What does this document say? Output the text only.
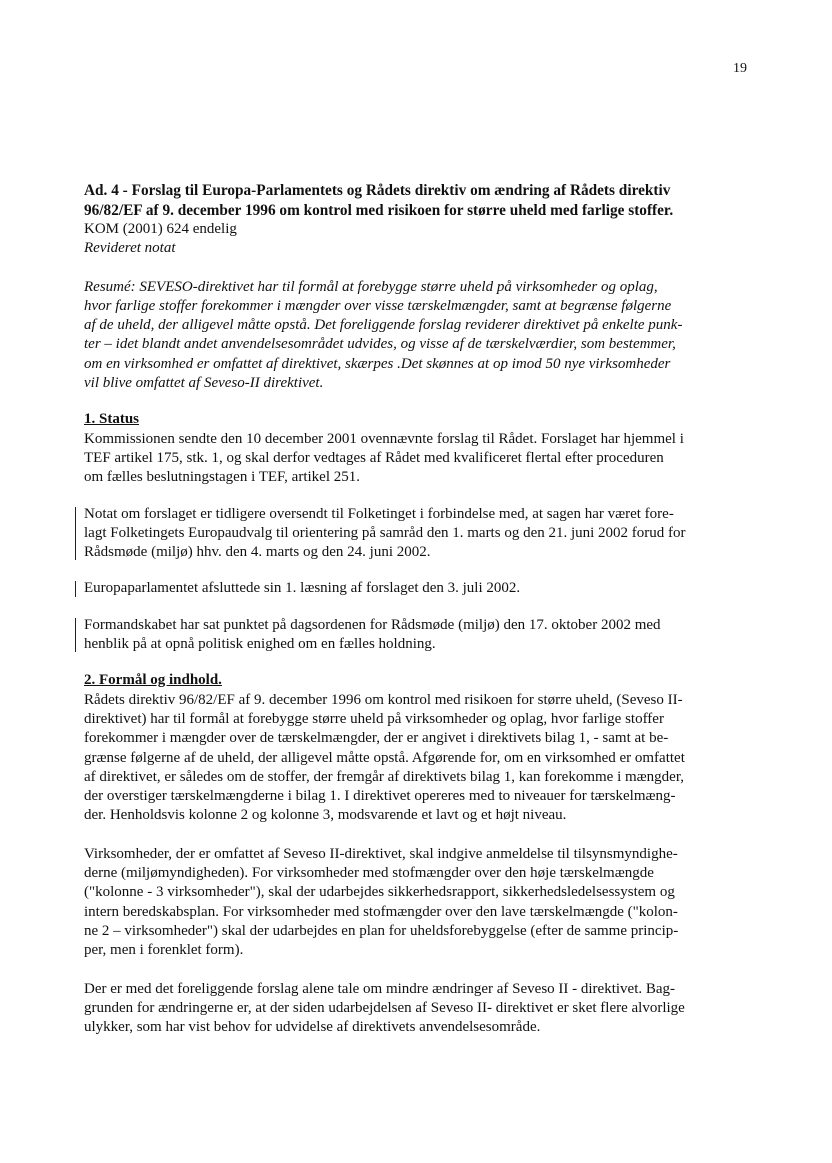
19

Ad. 4 - Forslag til Europa-Parlamentets og Rådets direktiv om ændring af Rådets direktiv
96/82/EF af 9. december 1996 om kontrol med risikoen for større uheld med farlige stoffer.

KOM (2001) 624 endelig
Revideret notat
Resumé: SEVESO-direktivet har til formål at forebygge større uheld på virksomheder og oplag,
hvor farlige stoffer forekommer i mængder over visse tærskelmængder, samt at begrænse følgerne
af de uheld, der alligevel måtte opstå. Det foreliggende forslag reviderer direktivet på enkelte punk-
ter – idet blandt andet anvendelsesområdet udvides, og visse af de tærskelværdier, som bestemmer,
om en virksomhed er omfattet af direktivet, skærpes .Det skønnes at op imod 50 nye virksomheder
vil blive omfattet af Seveso-II direktivet.
1. Status
Kommissionen sendte den 10 december 2001 ovennævnte forslag til Rådet. Forslaget har hjemmel i
TEF artikel 175, stk. 1, og skal derfor vedtages af Rådet med kvalificeret flertal efter proceduren
om fælles beslutningstagen i TEF, artikel 251.
Notat om forslaget er tidligere oversendt til Folketinget i forbindelse med, at sagen har været fore-
lagt Folketingets Europaudvalg til orientering på samråd den 1. marts og den 21. juni 2002 forud for
Rådsmøde (miljø) hhv. den 4. marts og den 24. juni 2002.
Europaparlamentet afsluttede sin 1. læsning af forslaget den 3. juli 2002.
Formandskabet har sat punktet på dagsordenen for Rådsmøde (miljø) den 17. oktober 2002 med
henblik på at opnå politisk enighed om en fælles holdning.
2. Formål og indhold.
Rådets direktiv 96/82/EF af 9. december 1996 om kontrol med risikoen for større uheld, (Seveso II-
direktivet) har til formål at forebygge større uheld på virksomheder og oplag, hvor farlige stoffer
forekommer i mængder over de tærskelmængder, der er angivet i direktivets bilag 1, - samt at be-
grænse følgerne af de uheld, der alligevel måtte opstå. Afgørende for, om en virksomhed er omfattet
af direktivet, er således om de stoffer, der fremgår af direktivets bilag 1, kan forekomme i mængder,
der overstiger tærskelmængderne i bilag 1. I direktivet opereres med to niveauer for tærskelmæng-
der. Henholdsvis kolonne 2 og kolonne 3, modsvarende et lavt og et højt niveau.
Virksomheder, der er omfattet af Seveso II-direktivet, skal indgive anmeldelse til tilsynsmyndighe-
derne (miljømyndigheden). For virksomheder med stofmængder over den høje tærskelmængde
("kolonne - 3 virksomheder"), skal der udarbejdes sikkerhedsrapport, sikkerhedsledelsessystem og
intern beredskabsplan. For virksomheder med stofmængder over den lave tærskelmængde ("kolon-
ne 2 – virksomheder") skal der udarbejdes en plan for uheldsforebyggelse (efter de samme princip-
per, men i forenklet form).
Der er med det foreliggende forslag alene tale om mindre ændringer af Seveso II - direktivet. Bag-
grunden for ændringerne er, at der siden udarbejdelsen af Seveso II- direktivet er sket flere alvorlige
ulykker, som har vist behov for udvidelse af direktivets anvendelsesområde.
